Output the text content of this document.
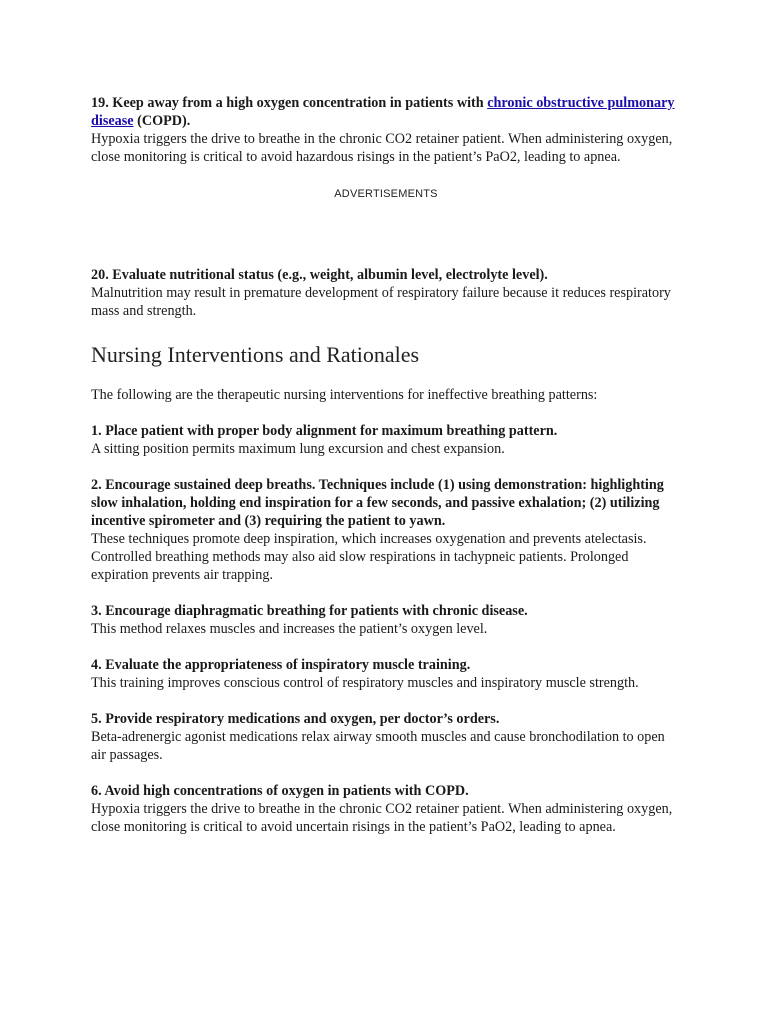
19. Keep away from a high oxygen concentration in patients with chronic obstructive pulmonary disease (COPD).
Hypoxia triggers the drive to breathe in the chronic CO2 retainer patient. When administering oxygen, close monitoring is critical to avoid hazardous risings in the patient’s PaO2, leading to apnea.
ADVERTISEMENTS
20. Evaluate nutritional status (e.g., weight, albumin level, electrolyte level).
Malnutrition may result in premature development of respiratory failure because it reduces respiratory mass and strength.
Nursing Interventions and Rationales
The following are the therapeutic nursing interventions for ineffective breathing patterns:
1. Place patient with proper body alignment for maximum breathing pattern.
A sitting position permits maximum lung excursion and chest expansion.
2. Encourage sustained deep breaths. Techniques include (1) using demonstration: highlighting slow inhalation, holding end inspiration for a few seconds, and passive exhalation; (2) utilizing incentive spirometer and (3) requiring the patient to yawn.
These techniques promote deep inspiration, which increases oxygenation and prevents atelectasis. Controlled breathing methods may also aid slow respirations in tachypneic patients. Prolonged expiration prevents air trapping.
3. Encourage diaphragmatic breathing for patients with chronic disease.
This method relaxes muscles and increases the patient’s oxygen level.
4. Evaluate the appropriateness of inspiratory muscle training.
This training improves conscious control of respiratory muscles and inspiratory muscle strength.
5. Provide respiratory medications and oxygen, per doctor’s orders.
Beta-adrenergic agonist medications relax airway smooth muscles and cause bronchodilation to open air passages.
6. Avoid high concentrations of oxygen in patients with COPD.
Hypoxia triggers the drive to breathe in the chronic CO2 retainer patient. When administering oxygen, close monitoring is critical to avoid uncertain risings in the patient’s PaO2, leading to apnea.
